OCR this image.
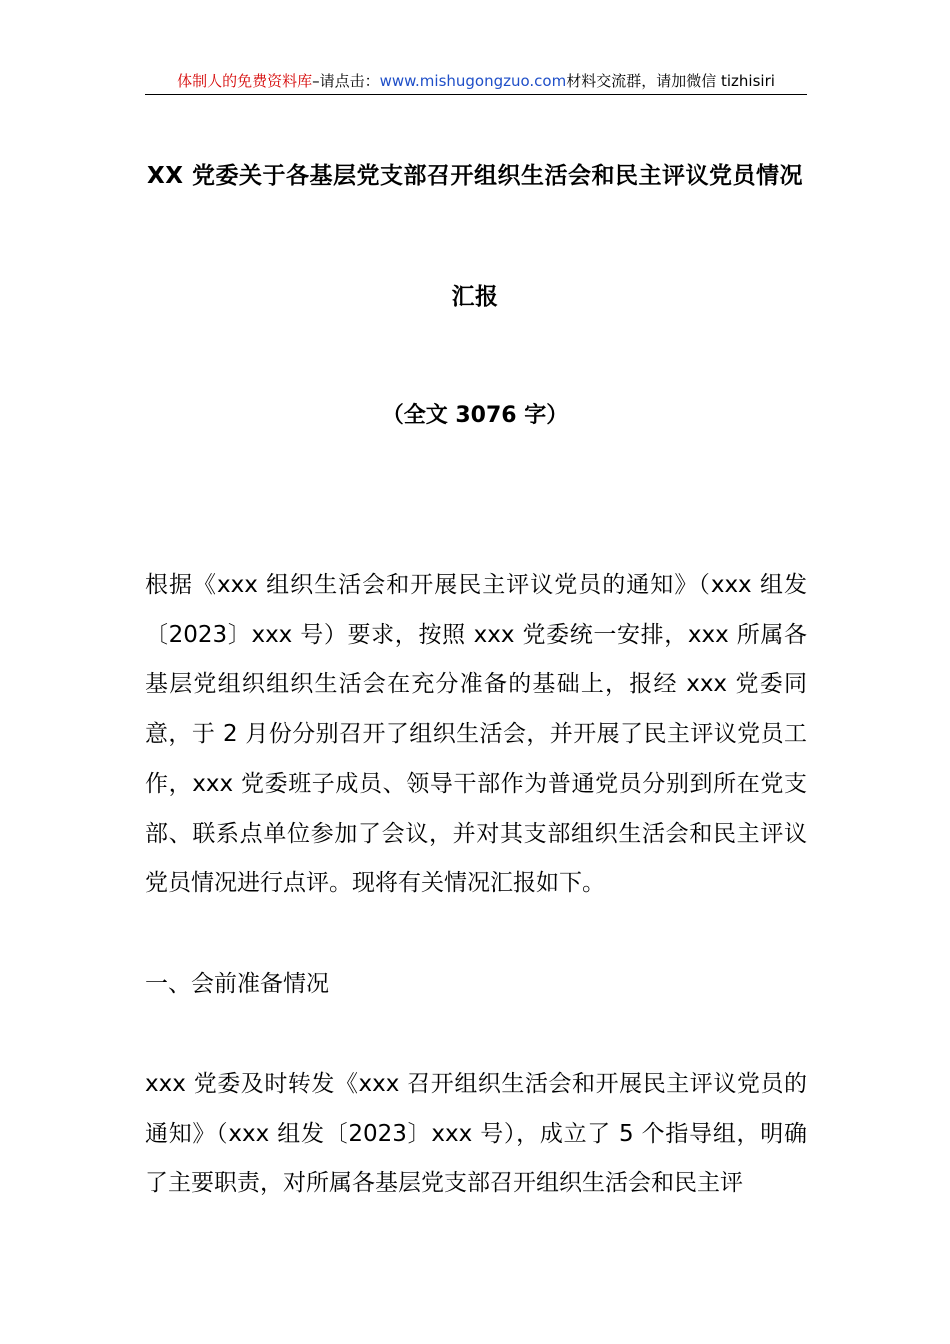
体制人的免费资料库–请点击：www.mishugongzuo.com材料交流群，请加微信 tizhisiri
XX 党委关于各基层党支部召开组织生活会和民主评议党员情况
汇报
（全文 3076 字）
根据《xxx 组织生活会和开展民主评议党员的通知》（xxx 组发〔2023〕xxx 号）要求，按照 xxx 党委统一安排，xxx 所属各基层党组织组织生活会在充分准备的基础上，报经 xxx 党委同意，于 2 月份分别召开了组织生活会，并开展了民主评议党员工作，xxx 党委班子成员、领导干部作为普通党员分别到所在党支部、联系点单位参加了会议，并对其支部组织生活会和民主评议党员情况进行点评。现将有关情况汇报如下。
一、会前准备情况
xxx 党委及时转发《xxx 召开组织生活会和开展民主评议党员的通知》（xxx 组发〔2023〕xxx 号），成立了 5 个指导组，明确了主要职责，对所属各基层党支部召开组织生活会和民主评
